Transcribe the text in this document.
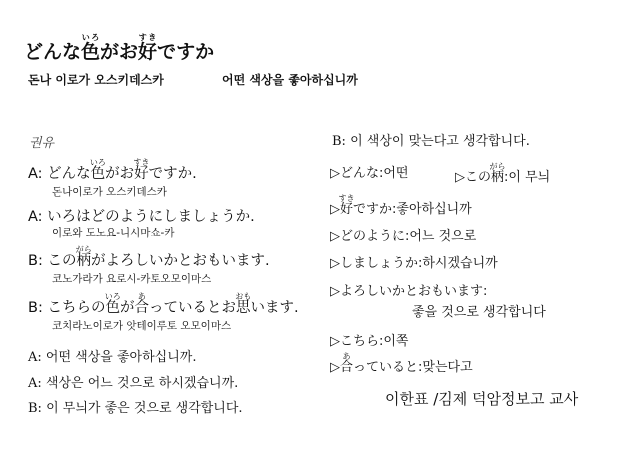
どんな色いろがお好すきですか
돈나 이로가 오스키데스카	어떤 색상을 좋아하십니까
권유
A: どんな色いろがお好すきですか.
돈나이로가 오스키데스카
A: いろはどのようにしましょうか.
이로와 도노요-니시마쇼-카
B: この柄がらがよろしいかとおもいます.
코노가라가 요로시-카토오모이마스
B: こちらの色いろが合あっているとお思おもいます.
코치라노이로가 앗테이루토 오모이마스
A: 어떤 색상을 좋아하십니까.
A: 색상은 어느 것으로 하시겠습니까.
B: 이 무늬가 좋은 것으로 생각합니다.
B: 이 색상이 맞는다고 생각합니다.
▷どんな:어떤	▷この柄がら:이 무늬
▷好すきですか:좋아하십니까
▷どのように:어느 것으로
▷しましょうか:하시겠습니까
▷よろしいかとおもいます:
좋을 것으로 생각합니다
▷こちら:이쪽
▷合あっていると:맞는다고
이한표 /김제 덕암정보고 교사
